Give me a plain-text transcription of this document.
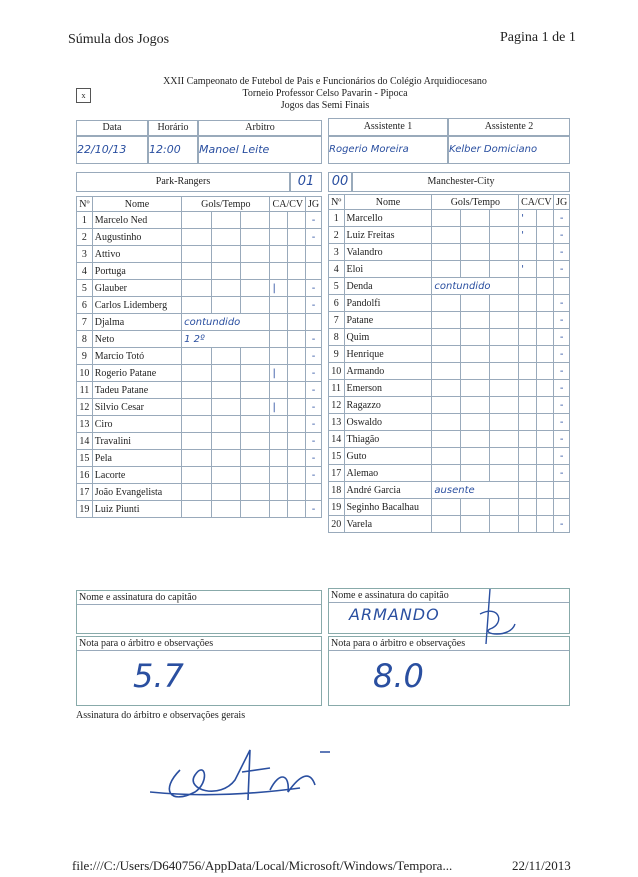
Súmula dos Jogos	Pagina 1 de 1
x
XXII Campeonato de Futebol de Pais e Funcionários do Colégio Arquidiocesano
Torneio Professor Celso Pavarin - Pipoca
Jogos das Semi Finais
Data	Horário	Arbitro
22/10/13	12:00	Manoel Leite
Assistente 1	Assistente 2
Rogerio Moreira	Kelber Domiciano
Park-Rangers	01	00	Manchester-City
Nº	Nome	Gols/Tempo			CA/CV		JG
1	Marcelo Ned						-
2	Augustinho						-
3	Attivo						
4	Portuga						
5	Glauber				|		-
6	Carlos Lidemberg						-
7	Djalma	contundido					
8	Neto	1 2º					-
9	Marcio Totó						-
10	Rogerio Patane				|		-
11	Tadeu Patane						-
12	Silvio Cesar				|		-
13	Ciro						-
14	Travalini						-
15	Pela						-
16	Lacorte						-
17	João Evangelista						
19	Luiz Piunti						-
Nº	Nome	Gols/Tempo			CA/CV		JG
1	Marcello				'		-
2	Luiz Freitas				'		-
3	Valandro						-
4	Eloi				'		-
5	Denda	contundido					
6	Pandolfi						-
7	Patane						-
8	Quim						-
9	Henrique						-
10	Armando						-
11	Emerson						-
12	Ragazzo						-
13	Oswaldo						-
14	Thiagão						-
15	Guto						-
17	Alemao						-
18	André Garcia	ausente					
19	Seginho Bacalhau						
20	Varela						-
Nome e assinatura do capitão	Nome e assinatura do capitão
ARMANDO
Nota para o árbitro e observações
5.7
Nota para o árbitro e observações
8.0
Assinatura do árbitro e observações gerais
file:///C:/Users/D640756/AppData/Local/Microsoft/Windows/Tempora...	22/11/2013
